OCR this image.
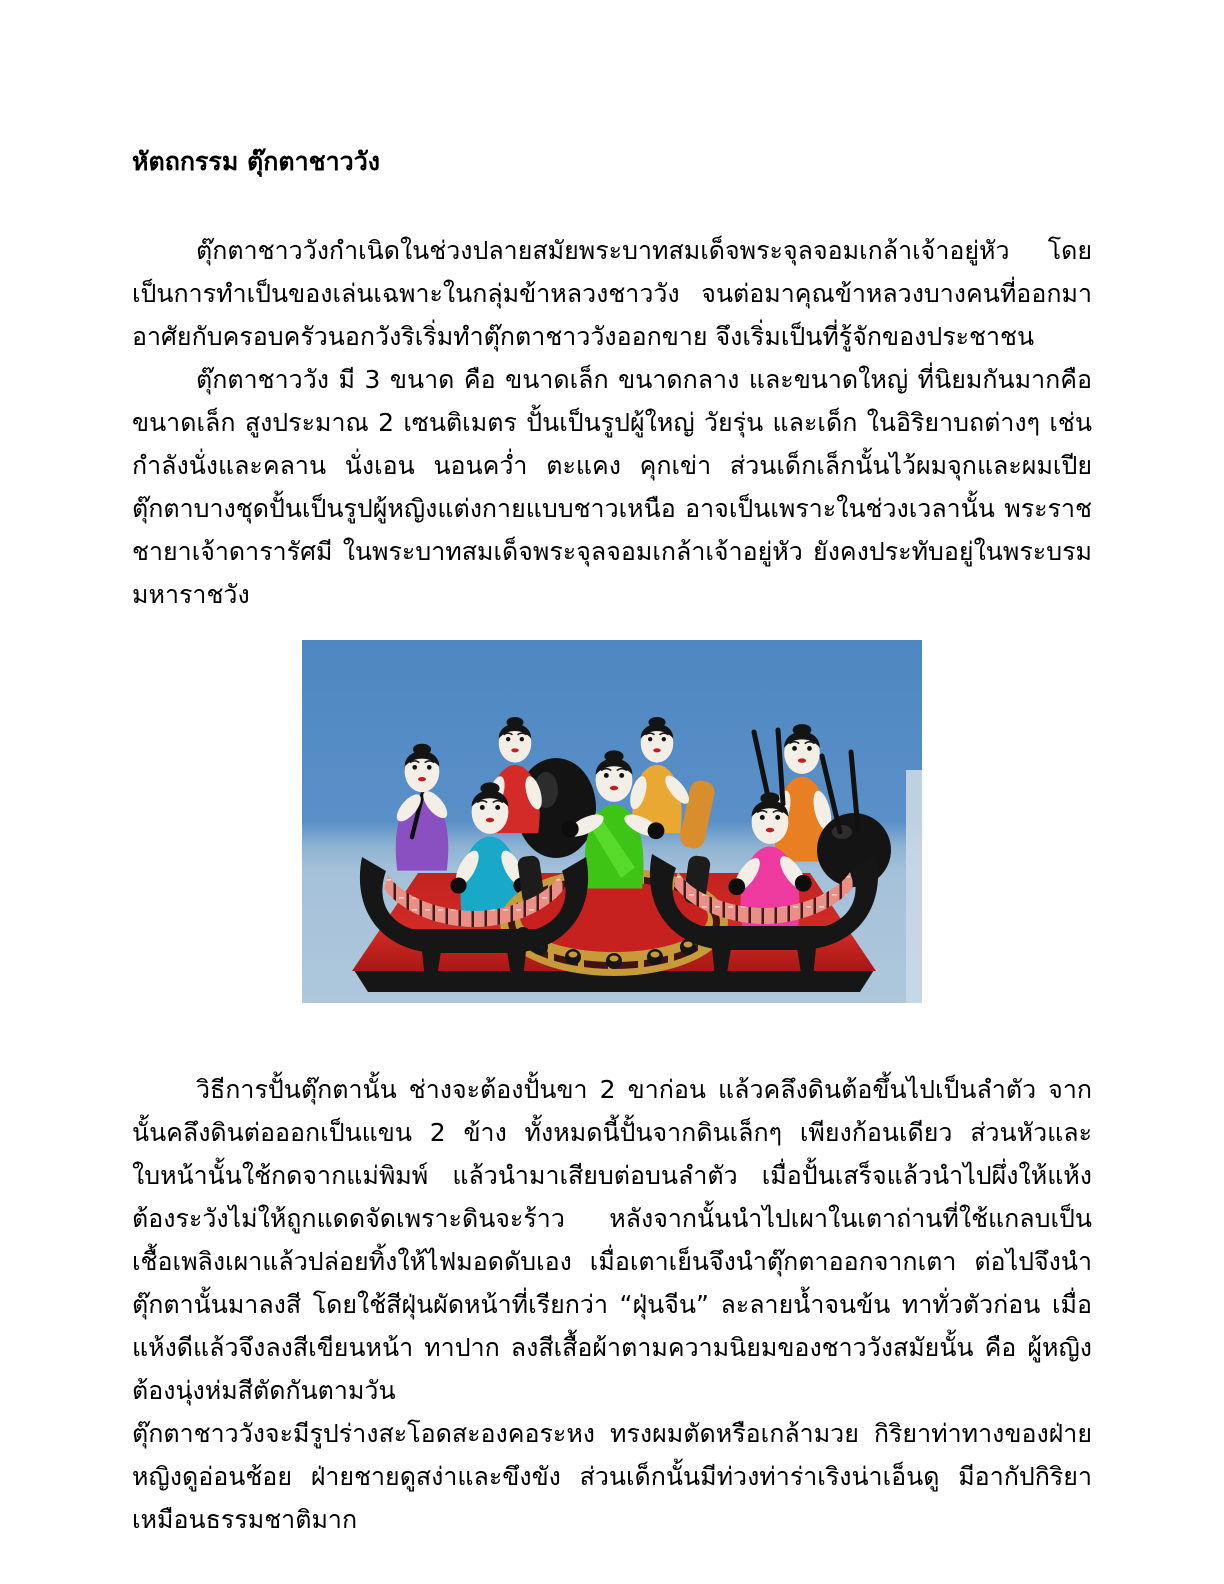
หัตถกรรม ตุ๊กตาชาววัง

ตุ๊กตาชาววังกำเนิดในช่วงปลายสมัยพระบาทสมเด็จพระจุลจอมเกล้าเจ้าอยู่หัว โดยเป็นการทำเป็นของเล่นเฉพาะในกลุ่มข้าหลวงชาววัง จนต่อมาคุณข้าหลวงบางคนที่ออกมาอาศัยกับครอบครัวนอกวังริเริ่มทำตุ๊กตาชาววังออกขาย จึงเริ่มเป็นที่รู้จักของประชาชน

ตุ๊กตาชาววัง มี 3 ขนาด คือ ขนาดเล็ก ขนาดกลาง และขนาดใหญ่ ที่นิยมกันมากคือขนาดเล็ก สูงประมาณ 2 เซนติเมตร ปั้นเป็นรูปผู้ใหญ่ วัยรุ่น และเด็ก ในอิริยาบถต่างๆ เช่น กำลังนั่งและคลาน นั่งเอน นอนคว่ำ ตะแคง คุกเข่า ส่วนเด็กเล็กนั้นไว้ผมจุกและผมเปีย ตุ๊กตาบางชุดปั้นเป็นรูปผู้หญิงแต่งกายแบบชาวเหนือ อาจเป็นเพราะในช่วงเวลานั้น พระราชชายาเจ้าดารารัศมี ในพระบาทสมเด็จพระจุลจอมเกล้าเจ้าอยู่หัว ยังคงประทับอยู่ในพระบรมมหาราชวัง

วิธีการปั้นตุ๊กตานั้น ช่างจะต้องปั้นขา 2 ขาก่อน แล้วคลึงดินต้อขึ้นไปเป็นลำตัว จากนั้นคลึงดินต่อออกเป็นแขน 2 ข้าง ทั้งหมดนี้ปั้นจากดินเล็กๆ เพียงก้อนเดียว ส่วนหัวและใบหน้านั้นใช้กดจากแม่พิมพ์ แล้วนำมาเสียบต่อบนลำตัว เมื่อปั้นเสร็จแล้วนำไปผึ่งให้แห้ง ต้องระวังไม่ให้ถูกแดดจัดเพราะดินจะร้าว หลังจากนั้นนำไปเผาในเตาถ่านที่ใช้แกลบเป็นเชื้อเพลิงเผาแล้วปล่อยทิ้งให้ไฟมอดดับเอง เมื่อเตาเย็นจึงนำตุ๊กตาออกจากเตา ต่อไปจึงนำตุ๊กตานั้นมาลงสี โดยใช้สีฝุ่นผัดหน้าที่เรียกว่า “ฝุ่นจีน” ละลายน้ำจนข้น ทาทั่วตัวก่อน เมื่อแห้งดีแล้วจึงลงสีเขียนหน้า ทาปาก ลงสีเสื้อผ้าตามความนิยมของชาววังสมัยนั้น คือ ผู้หญิงต้องนุ่งห่มสีตัดกันตามวัน

ตุ๊กตาชาววังจะมีรูปร่างสะโอดสะองคอระหง ทรงผมตัดหรือเกล้ามวย กิริยาท่าทางของฝ่ายหญิงดูอ่อนช้อย ฝ่ายชายดูสง่าและขึงขัง ส่วนเด็กนั้นมีท่วงท่าร่าเริงน่าเอ็นดู มีอากัปกิริยาเหมือนธรรมชาติมาก
